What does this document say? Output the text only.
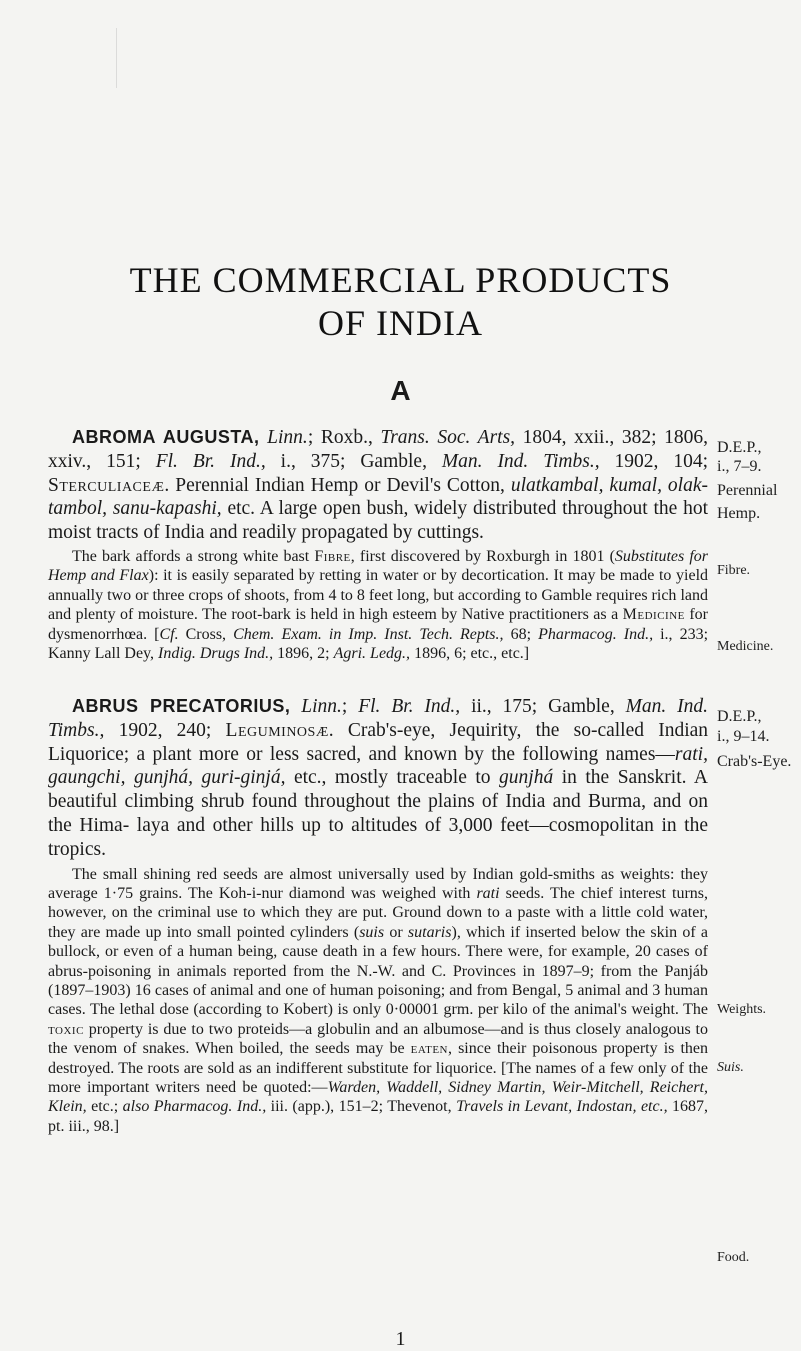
THE COMMERCIAL PRODUCTS
OF INDIA
A

ABROMA AUGUSTA, Linn.; Roxb., Trans. Soc. Arts, 1804, xxii., 382; 1806, xxiv., 151; Fl. Br. Ind., i., 375; Gamble, Man. Ind. Timbs., 1902, 104; Sterculiaceæ. Perennial Indian Hemp or Devil's Cotton, ulatkambal, kumal, olak-tambol, sanu-kapashi, etc. A large open bush, widely distributed throughout the hot moist tracts of India and readily propagated by cuttings.

The bark affords a strong white bast Fibre, first discovered by Roxburgh in 1801 (Substitutes for Hemp and Flax): it is easily separated by retting in water or by decortication. It may be made to yield annually two or three crops of shoots, from 4 to 8 feet long, but according to Gamble requires rich land and plenty of moisture. The root-bark is held in high esteem by Native practitioners as a Medicine for dysmenorrhœa. [Cf. Cross, Chem. Exam. in Imp. Inst. Tech. Repts., 68; Pharmacog. Ind., i., 233; Kanny Lall Dey, Indig. Drugs Ind., 1896, 2; Agri. Ledg., 1896, 6; etc., etc.]

D.E.P.,
i., 7–9.
Perennial
Hemp.
Fibre.
Medicine.

ABRUS PRECATORIUS, Linn.; Fl. Br. Ind., ii., 175; Gamble, Man. Ind. Timbs., 1902, 240; Leguminosæ. Crab's-eye, Jequirity, the so-called Indian Liquorice; a plant more or less sacred, and known by the following names—rati, gaungchi, gunjhá, guri-ginjá, etc., mostly traceable to gunjhá in the Sanskrit. A beautiful climbing shrub found throughout the plains of India and Burma, and on the Hima- laya and other hills up to altitudes of 3,000 feet—cosmopolitan in the tropics.

The small shining red seeds are almost universally used by Indian gold-smiths as weights: they average 1·75 grains. The Koh-i-nur diamond was weighed with rati seeds. The chief interest turns, however, on the criminal use to which they are put. Ground down to a paste with a little cold water, they are made up into small pointed cylinders (suis or sutaris), which if inserted below the skin of a bullock, or even of a human being, cause death in a few hours. There were, for example, 20 cases of abrus-poisoning in animals reported from the N.-W. and C. Provinces in 1897–9; from the Panjáb (1897–1903) 16 cases of animal and one of human poisoning; and from Bengal, 5 animal and 3 human cases. The lethal dose (according to Kobert) is only 0·00001 grm. per kilo of the animal's weight. The toxic property is due to two proteids—a globulin and an albumose—and is thus closely analogous to the venom of snakes. When boiled, the seeds may be eaten, since their poisonous property is then destroyed. The roots are sold as an indifferent substitute for liquorice. [The names of a few only of the more important writers need be quoted:—Warden, Waddell, Sidney Martin, Weir-Mitchell, Reichert, Klein, etc.; also Pharmacog. Ind., iii. (app.), 151–2; Thevenot, Travels in Levant, Indostan, etc., 1687, pt. iii., 98.]

D.E.P.,
i., 9–14.
Crab's-Eye.
Weights.
Suis.
Food.
1
